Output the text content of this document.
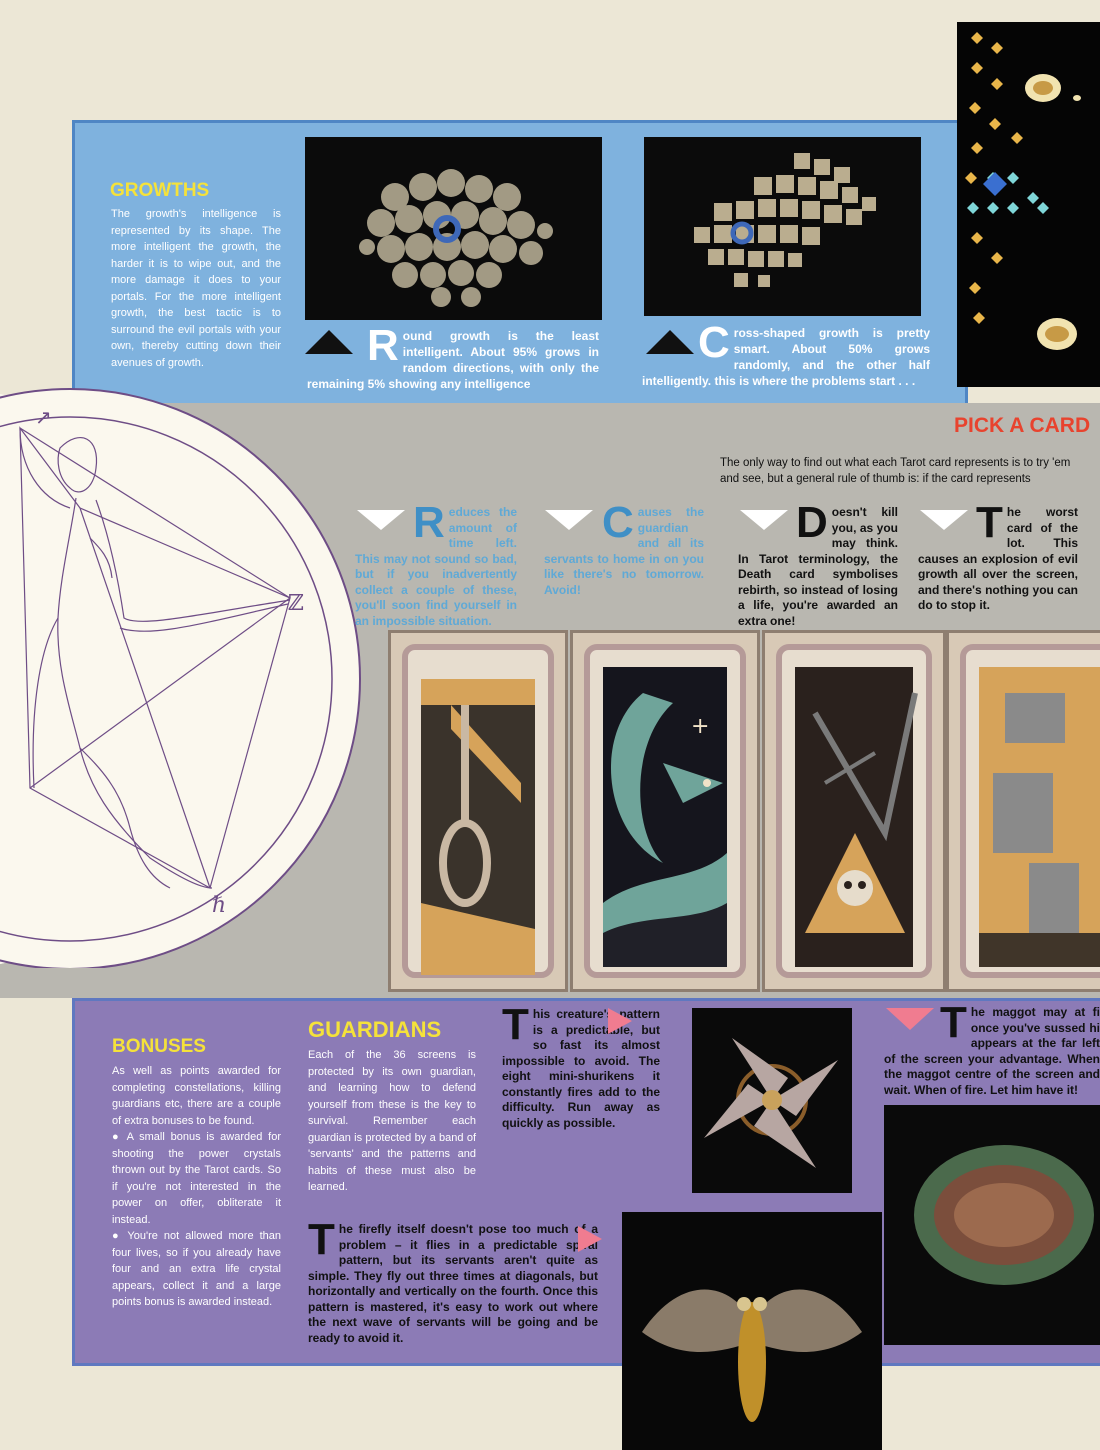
GROWTHS
The growth's intelligence is represented by its shape. The more intelligent the growth, the harder it is to wipe out, and the more damage it does to your portals. For the more intelligent growth, the best tactic is to surround the evil portals with your own, thereby cutting down their avenues of growth.	Round growth is the least intelligent. About 95% grows in random directions, with only the remaining 5% showing any intelligence
Cross-shaped growth is pretty smart. About 50% grows randomly, and the other half intelligently. this is where the problems start . . .
PICK A CARD
The only way to find out what each Tarot card represents is to try 'em and see, but a general rule of thumb is: if the card represents
↗
ℤ
ℏ
Reduces the amount of time left. This may not sound so bad, but if you inadvertently collect a couple of these, you'll soon find yourself in an impossible situation.
Causes the guardian and all its servants to home in on you like there's no tomorrow. Avoid!
Doesn't kill you, as you may think. In Tarot terminology, the Death card symbolises rebirth, so instead of losing a life, you're awarded an extra one!
The worst card of the lot. This causes an explosion of evil growth all over the screen, and there's nothing you can do to stop it.
+
BONUSES
As well as points awarded for completing constellations, killing guardians etc, there are a couple of extra bonuses to be found.
● A small bonus is awarded for shooting the power crystals thrown out by the Tarot cards. So if you're not interested in the power on offer, obliterate it instead.
● You're not allowed more than four lives, so if you already have four and an extra life crystal appears, collect it and a large points bonus is awarded instead.
GUARDIANS
Each of the 36 screens is protected by its own guardian, and learning how to defend yourself from these is the key to survival. Remember each guardian is protected by a band of 'servants' and the patterns and habits of these must also be learned.
This creature's pattern is a predictable, but so fast its almost impossible to avoid. The eight mini-shurikens it constantly fires add to the difficulty. Run away as quickly as possible.
The maggot may at fi once you've sussed hi appears at the far left of the screen your advantage. When the maggot centre of the screen and wait. When of fire. Let him have it!
The firefly itself doesn't pose too much of a problem – it flies in a predictable spiral pattern, but its servants aren't quite as simple. They fly out three times at diagonals, but horizontally and vertically on the fourth. Once this pattern is mastered, it's easy to work out where the next wave of servants will be going and be ready to avoid it.
